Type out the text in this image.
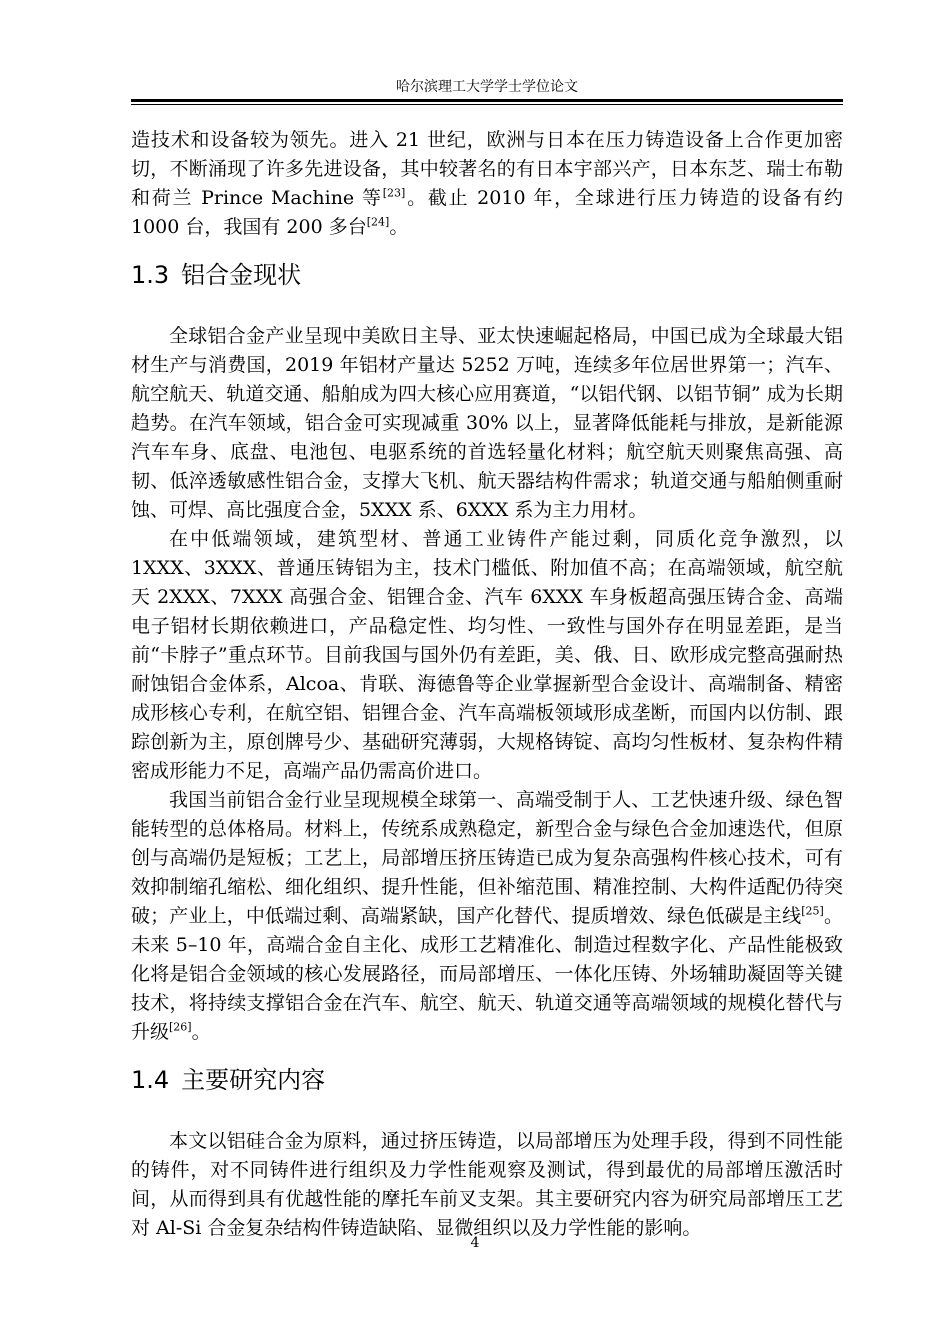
哈尔滨理工大学学士学位论文

造技术和设备较为领先。进入 21 世纪，欧洲与日本在压力铸造设备上合作更加密切，不断涌现了许多先进设备，其中较著名的有日本宇部兴产，日本东芝、瑞士布勒和荷兰 Prince Machine 等[23]。截止 2010 年，全球进行压力铸造的设备有约 1000 台，我国有 200 多台[24]。

1.3 铝合金现状

全球铝合金产业呈现中美欧日主导、亚太快速崛起格局，中国已成为全球最大铝材生产与消费国，2019 年铝材产量达 5252 万吨，连续多年位居世界第一；汽车、航空航天、轨道交通、船舶成为四大核心应用赛道，“以铝代钢、以铝节铜” 成为长期趋势。在汽车领域，铝合金可实现减重 30% 以上，显著降低能耗与排放，是新能源汽车车身、底盘、电池包、电驱系统的首选轻量化材料；航空航天则聚焦高强、高韧、低淬透敏感性铝合金，支撑大飞机、航天器结构件需求；轨道交通与船舶侧重耐蚀、可焊、高比强度合金，5XXX 系、6XXX 系为主力用材。

在中低端领域，建筑型材、普通工业铸件产能过剩，同质化竞争激烈，以 1XXX、3XXX、普通压铸铝为主，技术门槛低、附加值不高；在高端领域，航空航天 2XXX、7XXX 高强合金、铝锂合金、汽车 6XXX 车身板超高强压铸合金、高端电子铝材长期依赖进口，产品稳定性、均匀性、一致性与国外存在明显差距，是当前“卡脖子”重点环节。目前我国与国外仍有差距，美、俄、日、欧形成完整高强耐热耐蚀铝合金体系，Alcoa、肯联、海德鲁等企业掌握新型合金设计、高端制备、精密成形核心专利，在航空铝、铝锂合金、汽车高端板领域形成垄断，而国内以仿制、跟踪创新为主，原创牌号少、基础研究薄弱，大规格铸锭、高均匀性板材、复杂构件精密成形能力不足，高端产品仍需高价进口。

我国当前铝合金行业呈现规模全球第一、高端受制于人、工艺快速升级、绿色智能转型的总体格局。材料上，传统系成熟稳定，新型合金与绿色合金加速迭代，但原创与高端仍是短板；工艺上，局部增压挤压铸造已成为复杂高强构件核心技术，可有效抑制缩孔缩松、细化组织、提升性能，但补缩范围、精准控制、大构件适配仍待突破；产业上，中低端过剩、高端紧缺，国产化替代、提质增效、绿色低碳是主线[25]。未来 5–10 年，高端合金自主化、成形工艺精准化、制造过程数字化、产品性能极致化将是铝合金领域的核心发展路径，而局部增压、一体化压铸、外场辅助凝固等关键技术，将持续支撑铝合金在汽车、航空、航天、轨道交通等高端领域的规模化替代与升级[26]。

1.4 主要研究内容

本文以铝硅合金为原料，通过挤压铸造，以局部增压为处理手段，得到不同性能的铸件，对不同铸件进行组织及力学性能观察及测试，得到最优的局部增压激活时间，从而得到具有优越性能的摩托车前叉支架。其主要研究内容为研究局部增压工艺对 Al-Si 合金复杂结构件铸造缺陷、显微组织以及力学性能的影响。

4
